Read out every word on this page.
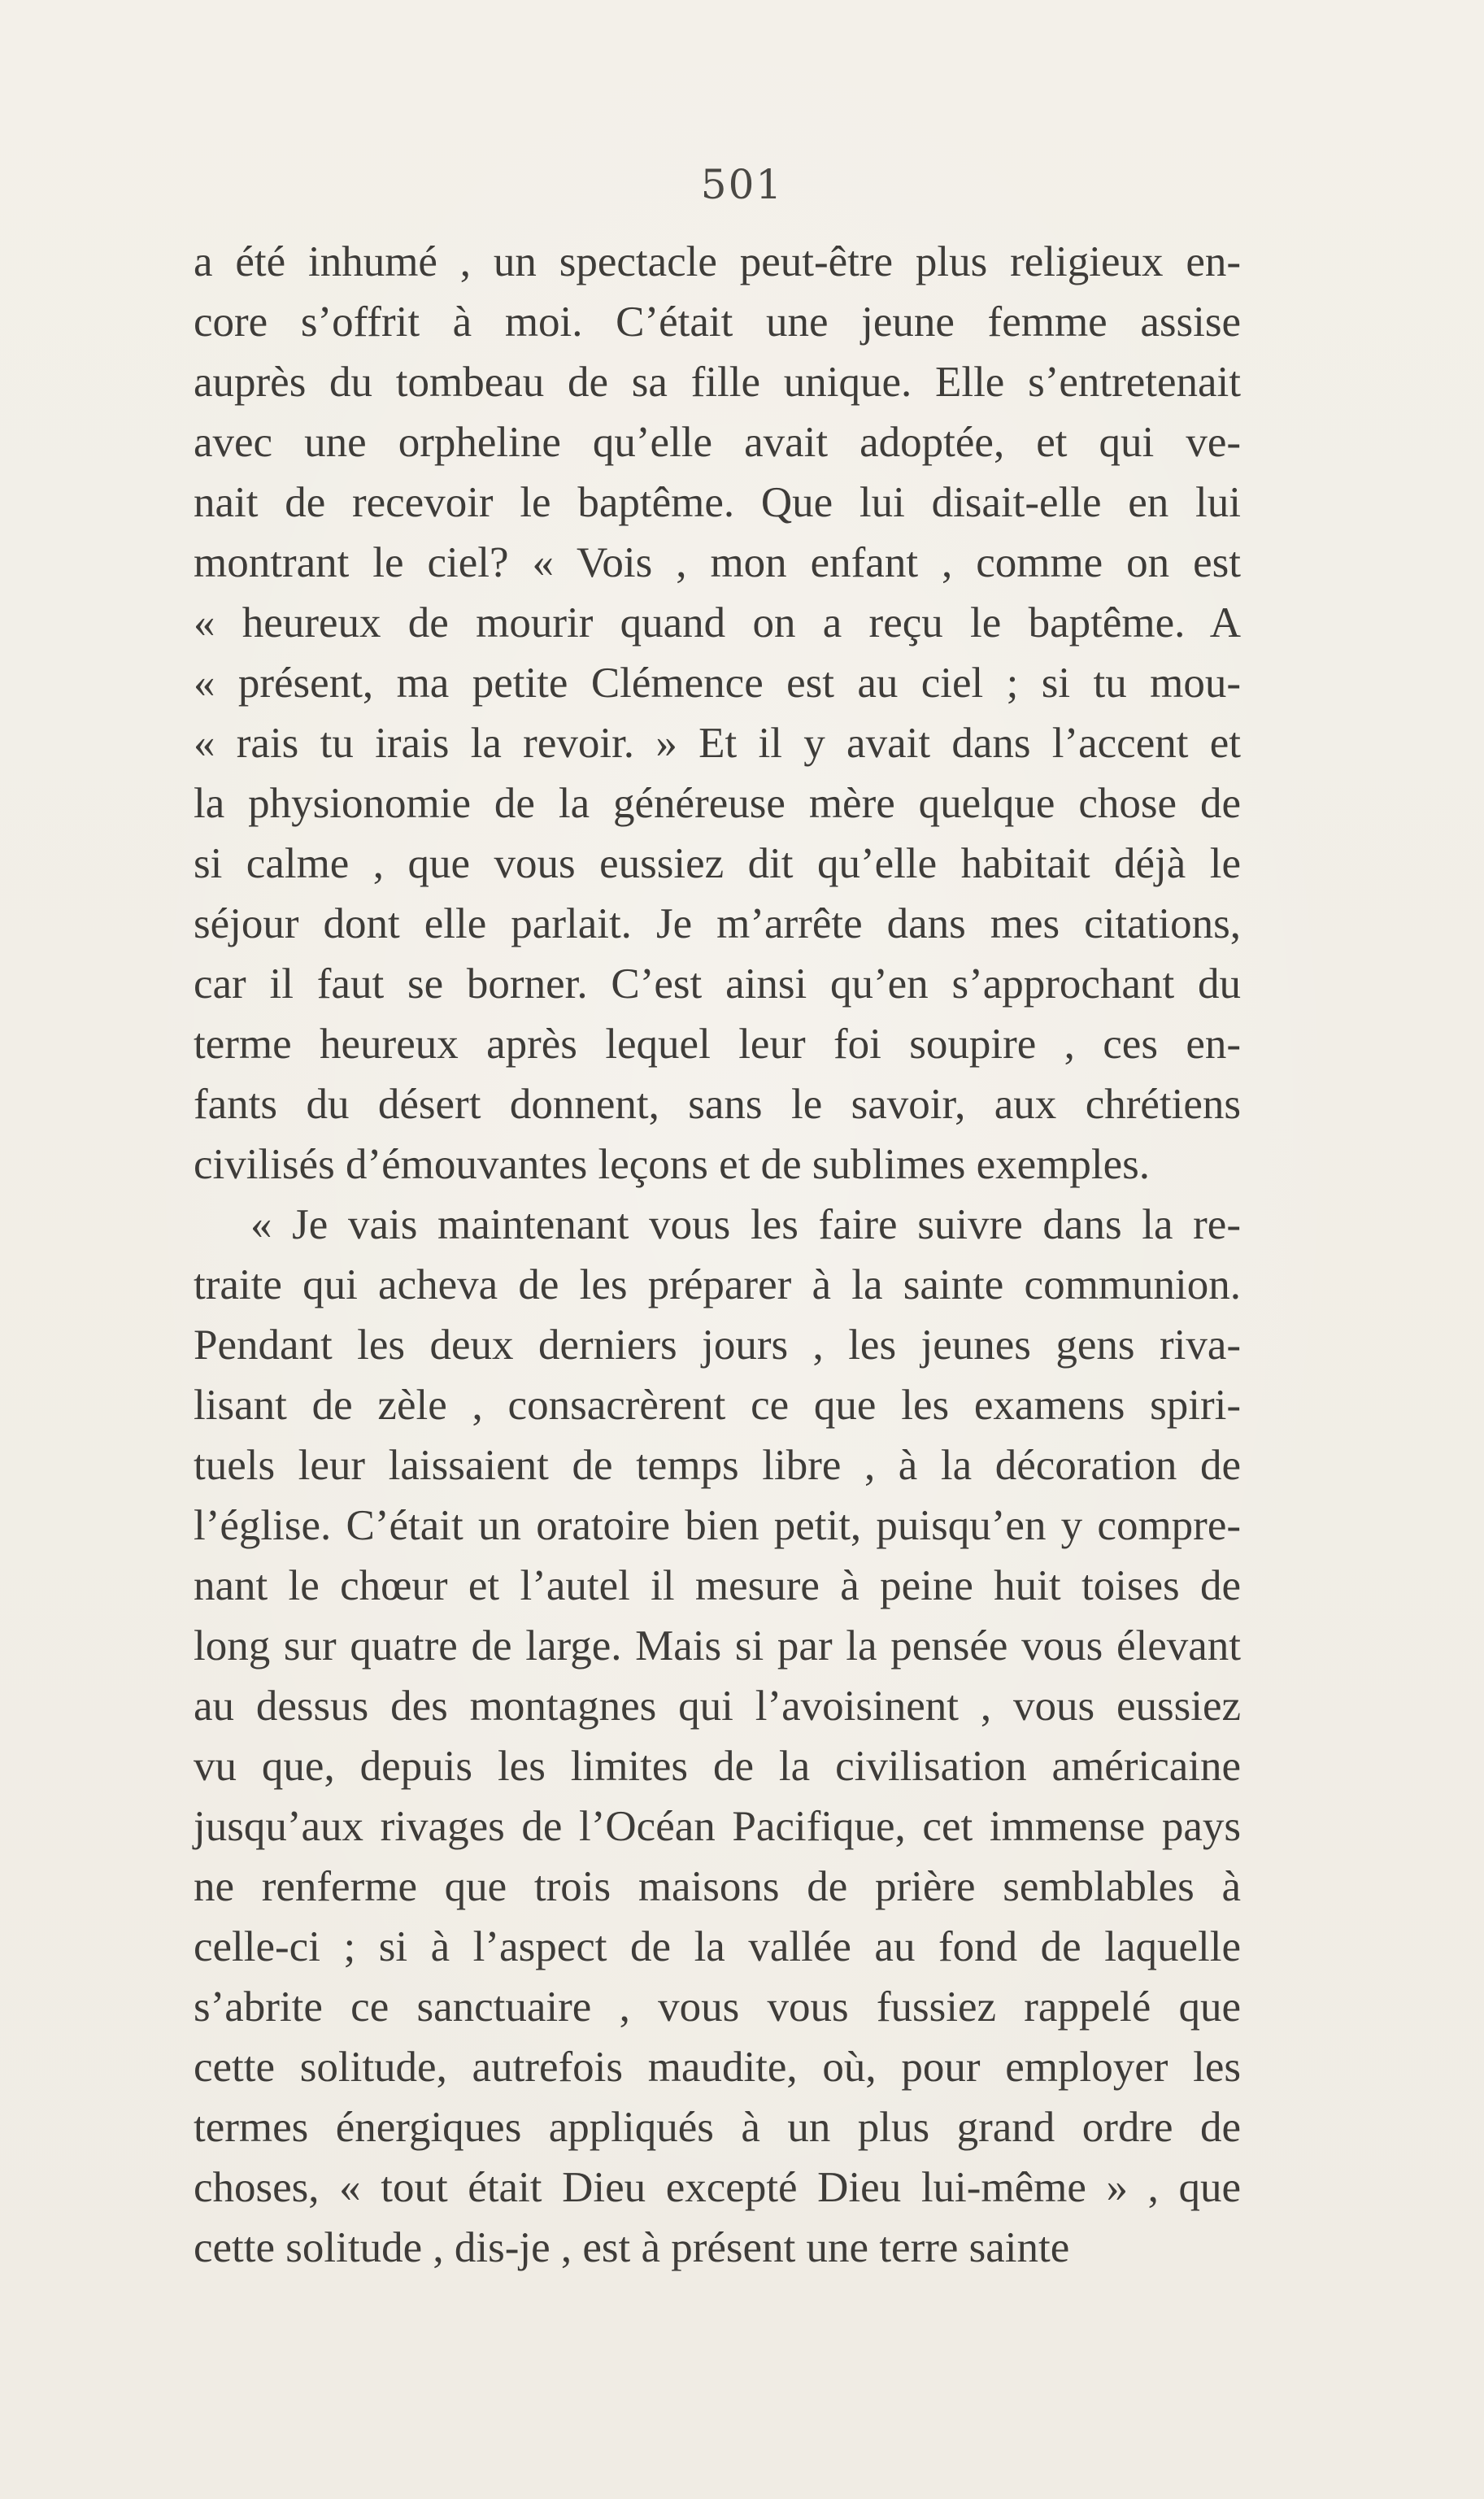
501

a été inhumé , un spectacle peut-être plus religieux en-

core s’offrit à moi. C’était une jeune femme assise

auprès du tombeau de sa fille unique. Elle s’entretenait

avec une orpheline qu’elle avait adoptée, et qui ve-

nait de recevoir le baptême. Que lui disait-elle en lui

montrant le ciel? « Vois , mon enfant , comme on est

« heureux de mourir quand on a reçu le baptême. A

« présent, ma petite Clémence est au ciel ; si tu mou-

« rais tu irais la revoir. » Et il y avait dans l’accent et

la physionomie de la généreuse mère quelque chose de

si calme , que vous eussiez dit qu’elle habitait déjà le

séjour dont elle parlait. Je m’arrête dans mes citations,

car il faut se borner. C’est ainsi qu’en s’approchant du

terme heureux après lequel leur foi soupire , ces en-

fants du désert donnent, sans le savoir, aux chrétiens

civilisés d’émouvantes leçons et de sublimes exemples.

« Je vais maintenant vous les faire suivre dans la re-

traite qui acheva de les préparer à la sainte communion.

Pendant les deux derniers jours , les jeunes gens riva-

lisant de zèle , consacrèrent ce que les examens spiri-

tuels leur laissaient de temps libre , à la décoration de

l’église. C’était un oratoire bien petit, puisqu’en y compre-

nant le chœur et l’autel il mesure à peine huit toises de

long sur quatre de large. Mais si par la pensée vous élevant

au dessus des montagnes qui l’avoisinent , vous eussiez

vu que, depuis les limites de la civilisation américaine

jusqu’aux rivages de l’Océan Pacifique, cet immense pays

ne renferme que trois maisons de prière semblables à

celle-ci ; si à l’aspect de la vallée au fond de laquelle

s’abrite ce sanctuaire , vous vous fussiez rappelé que

cette solitude, autrefois maudite, où, pour employer les

termes énergiques appliqués à un plus grand ordre de

choses, « tout était Dieu excepté Dieu lui-même » , que

cette solitude , dis-je , est à présent une terre sainte
